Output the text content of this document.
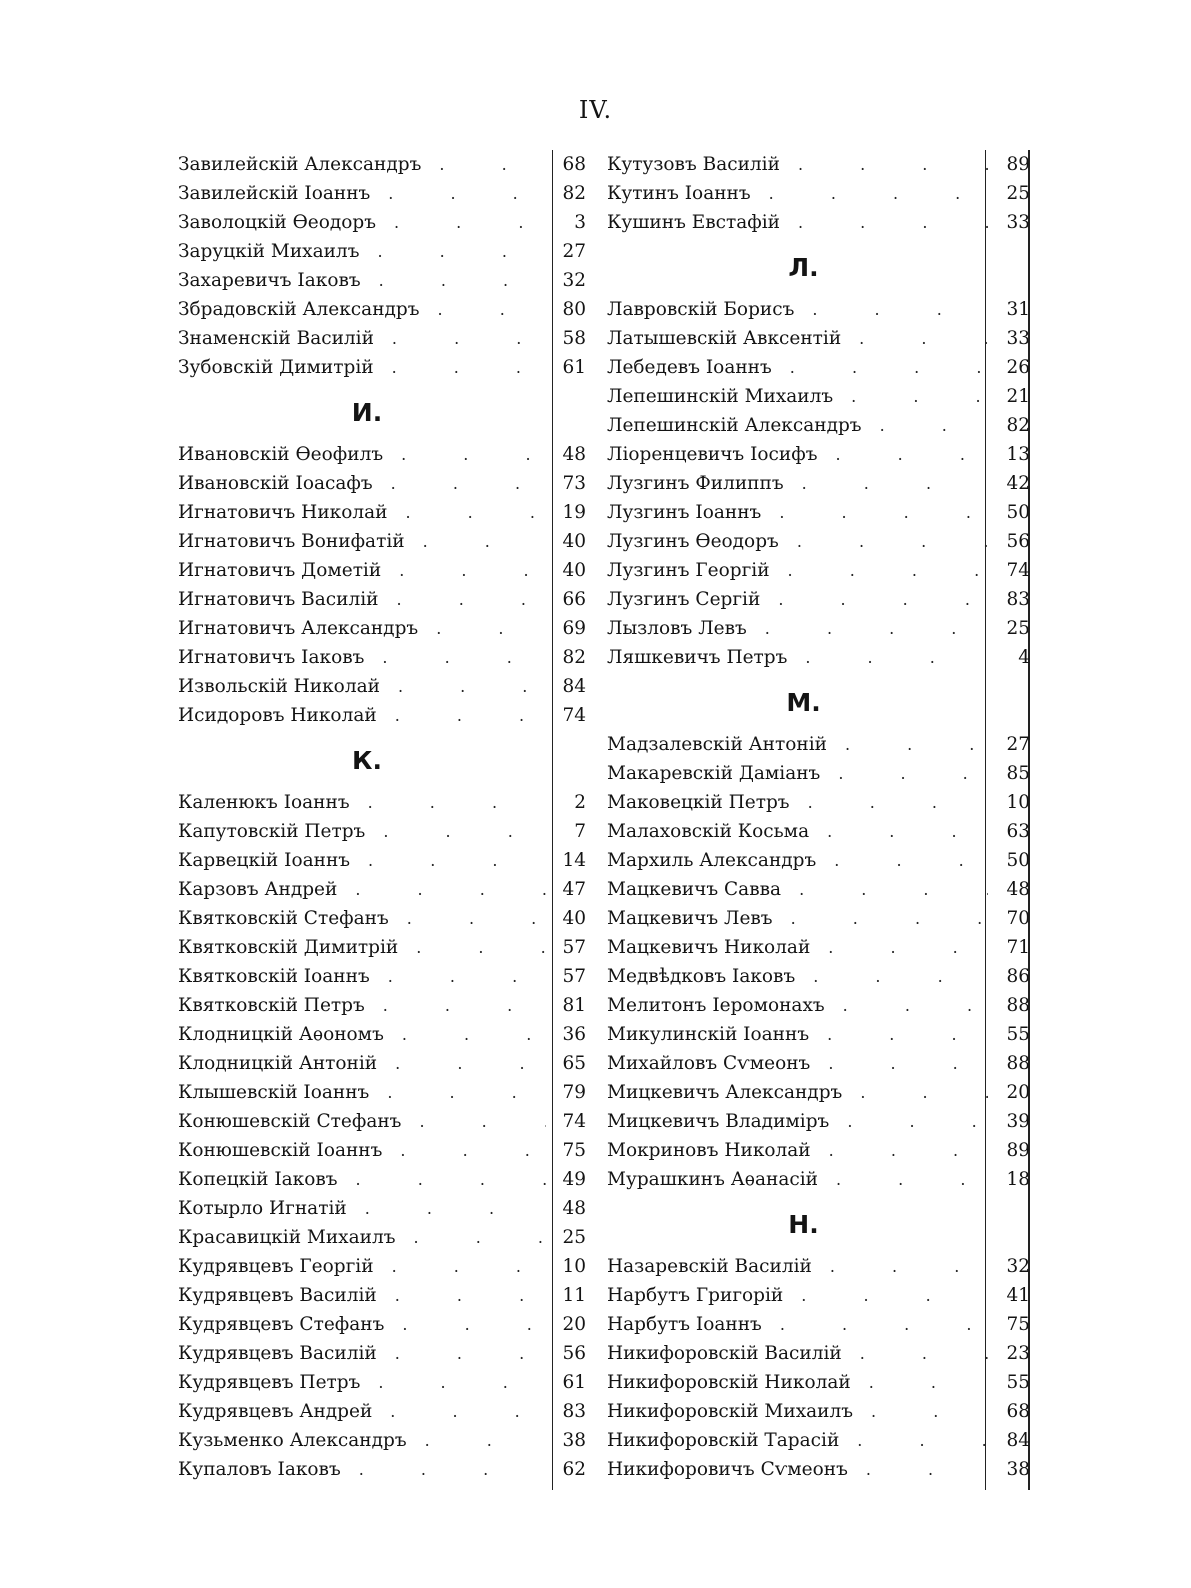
IV.
Завилейскій Александръ . . .	68
Завилейскій Іоаннъ . . .	82
Заволоцкій Ѳеодоръ . . .	3
Заруцкій Михаилъ . . .	27
Захаревичъ Іаковъ . . .	32
Збрадовскій Александръ . . .	80
Знаменскій Василій . . .	58
Зубовскій Димитрій . . .	61
И.
Ивановскій Ѳеофилъ . . .	48
Ивановскій Іоасафъ . . .	73
Игнатовичъ Николай . . .	19
Игнатовичъ Вонифатій . . .	40
Игнатовичъ Дометій . . .	40
Игнатовичъ Василій . . .	66
Игнатовичъ Александръ . . .	69
Игнатовичъ Іаковъ . . .	82
Извольскій Николай . . .	84
Исидоровъ Николай . . .	74
К.
Каленюкъ Іоаннъ . . .	2
Капутовскій Петръ . . .	7
Карвецкій Іоаннъ . . .	14
Карзовъ Андрей . . .	47
Квятковскій Стефанъ . . .	40
Квятковскій Димитрій . . .	57
Квятковскій Іоаннъ . . .	57
Квятковскій Петръ . . .	81
Клодницкій Аѳономъ . . .	36
Клодницкій Антоній . . .	65
Клышевскій Іоаннъ . . .	79
Конюшевскій Стефанъ . . .	74
Конюшевскій Іоаннъ . . .	75
Копецкій Іаковъ . . .	49
Котырло Игнатій . . .	48
Красавицкій Михаилъ . . .	25
Кудрявцевъ Георгій . . .	10
Кудрявцевъ Василій . . .	11
Кудрявцевъ Стефанъ . . .	20
Кудрявцевъ Василій . . .	56
Кудрявцевъ Петръ . . .	61
Кудрявцевъ Андрей . . .	83
Кузьменко Александръ . . .	38
Купаловъ Іаковъ . . .	62
Кутузовъ Василій . . .	89
Кутинъ Іоаннъ . . .	25
Кушинъ Евстафій . . .	33
Л.
Лавровскій Борисъ . . .	31
Латышевскій Авксентій . . .	33
Лебедевъ Іоаннъ . . .	26
Лепешинскій Михаилъ . . .	21
Лепешинскій Александръ . . .	82
Ліоренцевичъ Іосифъ . . .	13
Лузгинъ Филиппъ . . .	42
Лузгинъ Іоаннъ . . .	50
Лузгинъ Ѳеодоръ . . .	56
Лузгинъ Георгій . . .	74
Лузгинъ Сергій . . .	83
Лызловъ Левъ . . .	25
Ляшкевичъ Петръ . . .	4
М.
Мадзалевскій Антоній . . .	27
Макаревскій Даміанъ . . .	85
Маковецкій Петръ . . .	10
Малаховскій Косьма . . .	63
Мархиль Александръ . . .	50
Мацкевичъ Савва . . .	48
Мацкевичъ Левъ . . .	70
Мацкевичъ Николай . . .	71
Медвѣдковъ Іаковъ . . .	86
Мелитонъ Іеромонахъ . . .	88
Микулинскій Іоаннъ . . .	55
Михайловъ Сѵмеонъ . . .	88
Мицкевичъ Александръ . . .	20
Мицкевичъ Владиміръ . . .	39
Мокриновъ Николай . . .	89
Мурашкинъ Аѳанасій . . .	18
Н.
Назаревскій Василій . . .	32
Нарбутъ Григорій . . .	41
Нарбутъ Іоаннъ . . .	75
Никифоровскій Василій . . .	23
Никифоровскій Николай . . .	55
Никифоровскій Михаилъ . . .	68
Никифоровскій Тарасій . . .	84
Никифоровичъ Сѵмеонъ . . .	38
